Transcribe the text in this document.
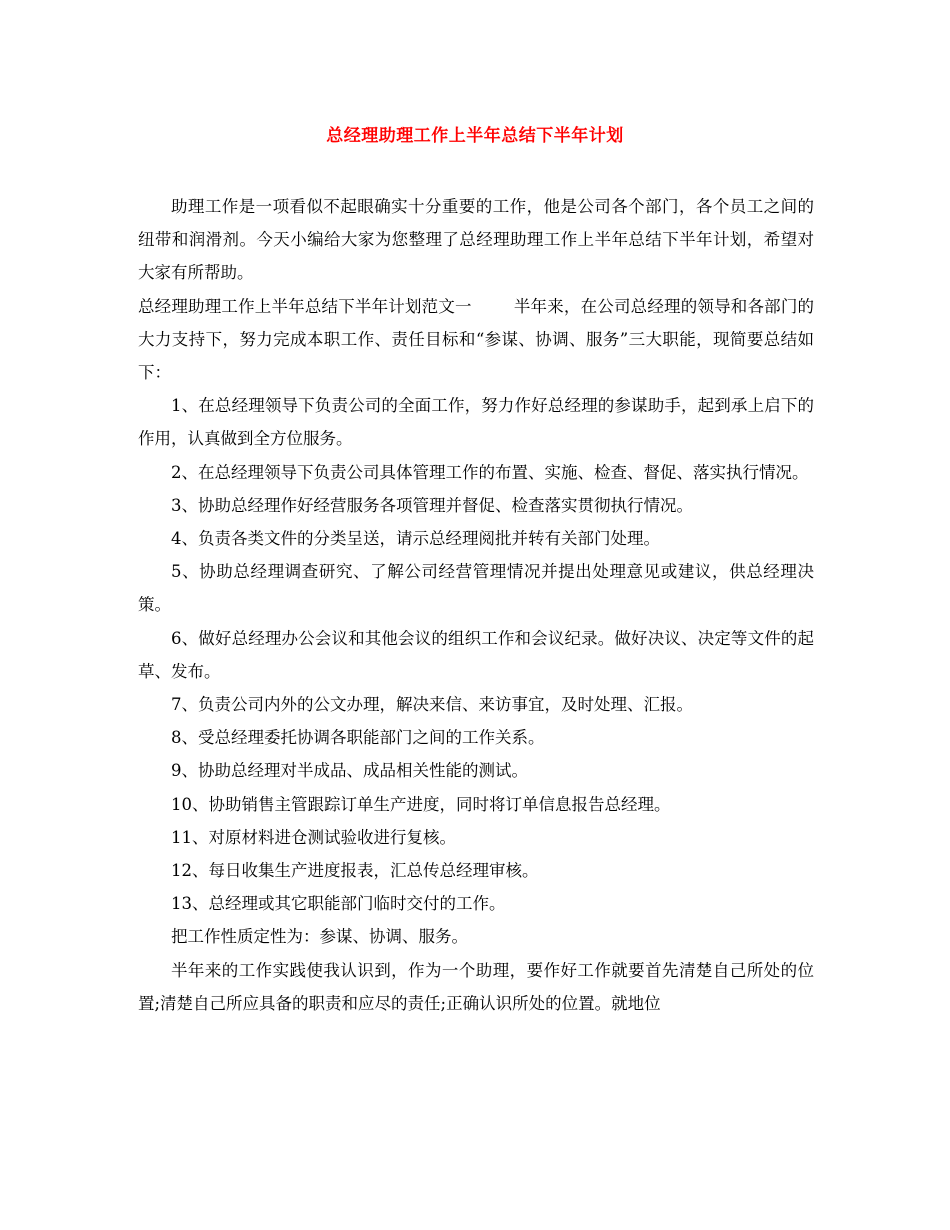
总经理助理工作上半年总结下半年计划

助理工作是一项看似不起眼确实十分重要的工作，他是公司各个部门，各个员工之间的纽带和润滑剂。今天小编给大家为您整理了总经理助理工作上半年总结下半年计划，希望对大家有所帮助。

总经理助理工作上半年总结下半年计划范文一	半年来，在公司总经理的领导和各部门的大力支持下，努力完成本职工作、责任目标和“参谋、协调、服务”三大职能，现简要总结如下：

1、在总经理领导下负责公司的全面工作，努力作好总经理的参谋助手，起到承上启下的作用，认真做到全方位服务。

2、在总经理领导下负责公司具体管理工作的布置、实施、检查、督促、落实执行情况。

3、协助总经理作好经营服务各项管理并督促、检查落实贯彻执行情况。

4、负责各类文件的分类呈送，请示总经理阅批并转有关部门处理。

5、协助总经理调查研究、了解公司经营管理情况并提出处理意见或建议，供总经理决策。

6、做好总经理办公会议和其他会议的组织工作和会议纪录。做好决议、决定等文件的起草、发布。

7、负责公司内外的公文办理，解决来信、来访事宜，及时处理、汇报。

8、受总经理委托协调各职能部门之间的工作关系。

9、协助总经理对半成品、成品相关性能的测试。

10、协助销售主管跟踪订单生产进度，同时将订单信息报告总经理。

11、对原材料进仓测试验收进行复核。

12、每日收集生产进度报表，汇总传总经理审核。

13、总经理或其它职能部门临时交付的工作。

把工作性质定性为：参谋、协调、服务。

半年来的工作实践使我认识到，作为一个助理，要作好工作就要首先清楚自己所处的位置;清楚自己所应具备的职责和应尽的责任;正确认识所处的位置。就地位
